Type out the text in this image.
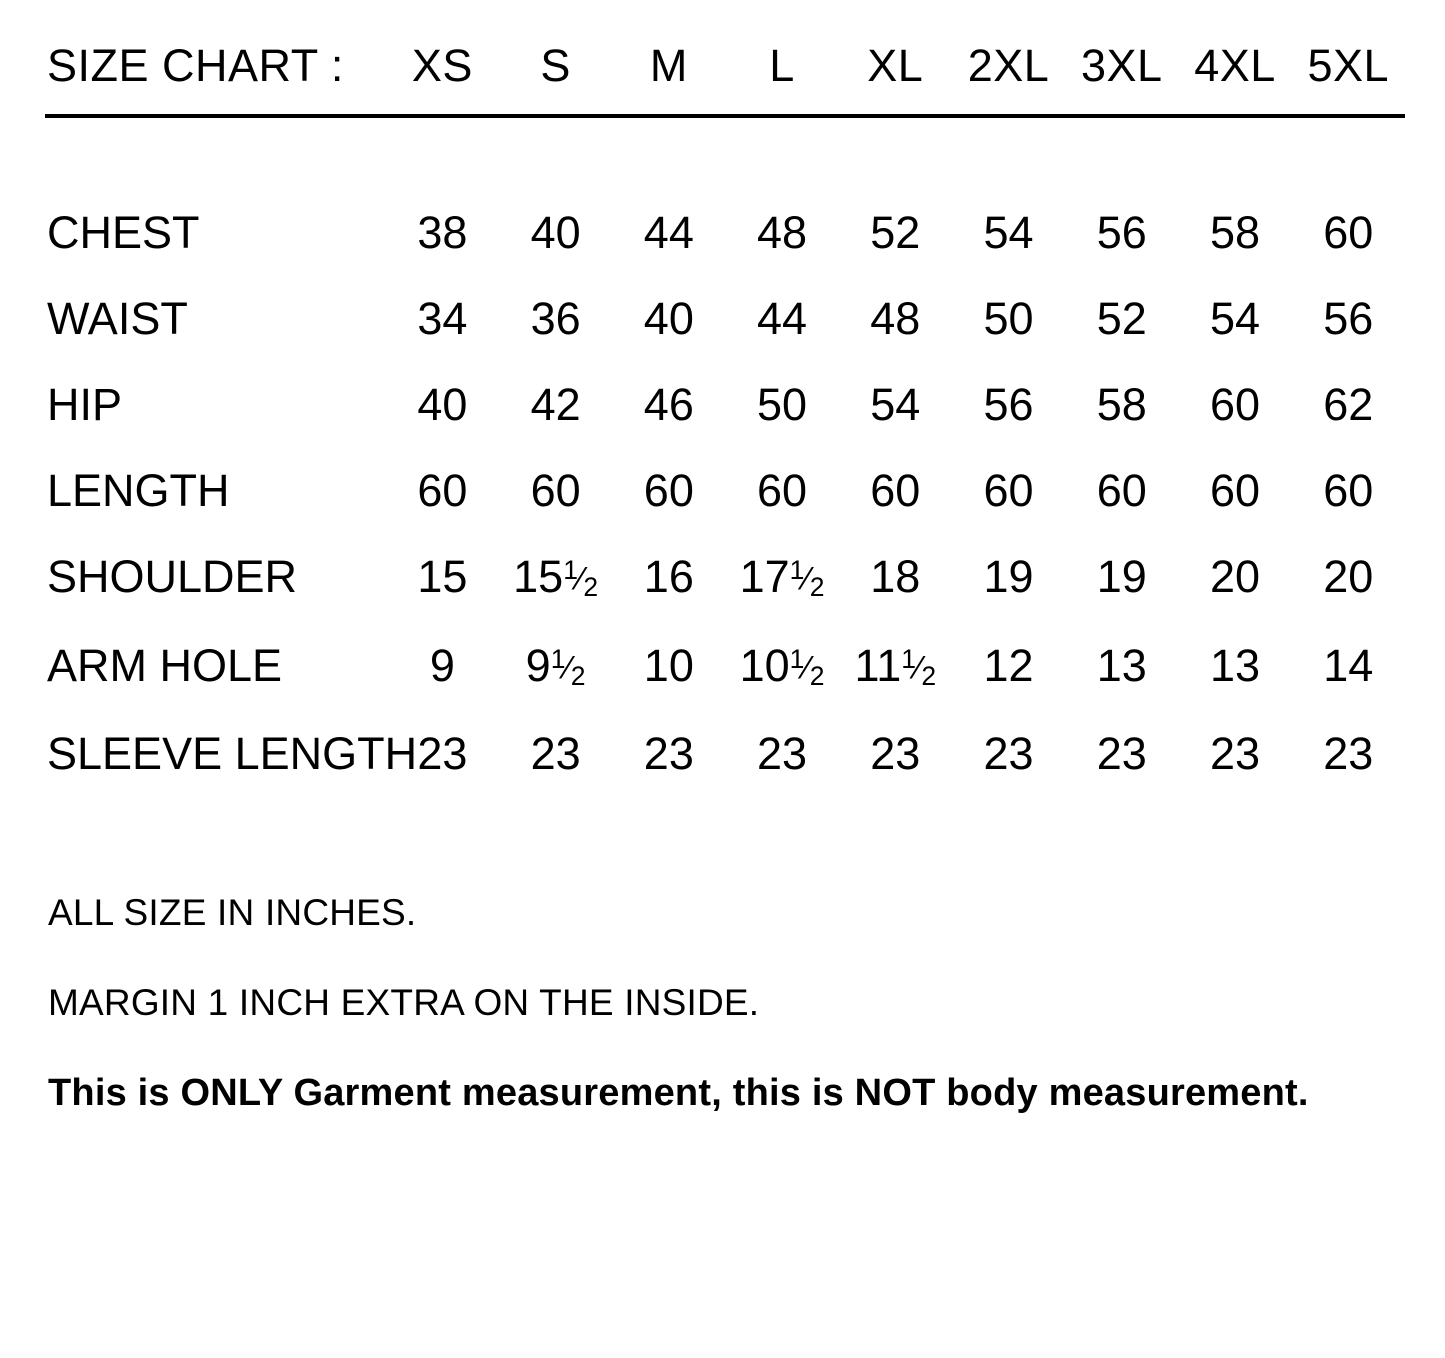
SIZE CHART :	XS	S	M	L	XL	2XL	3XL	4XL	5XL

CHEST	38	40	44	48	52	54	56	58	60
WAIST	34	36	40	44	48	50	52	54	56
HIP	40	42	46	50	54	56	58	60	62
LENGTH	60	60	60	60	60	60	60	60	60
SHOULDER	15	151⁄2	16	171⁄2	18	19	19	20	20
ARM HOLE	9	91⁄2	10	101⁄2	111⁄2	12	13	13	14
SLEEVE LENGTH	23	23	23	23	23	23	23	23	23

ALL SIZE IN INCHES.

MARGIN 1 INCH EXTRA ON THE INSIDE.

This is ONLY Garment measurement, this is NOT body measurement.
